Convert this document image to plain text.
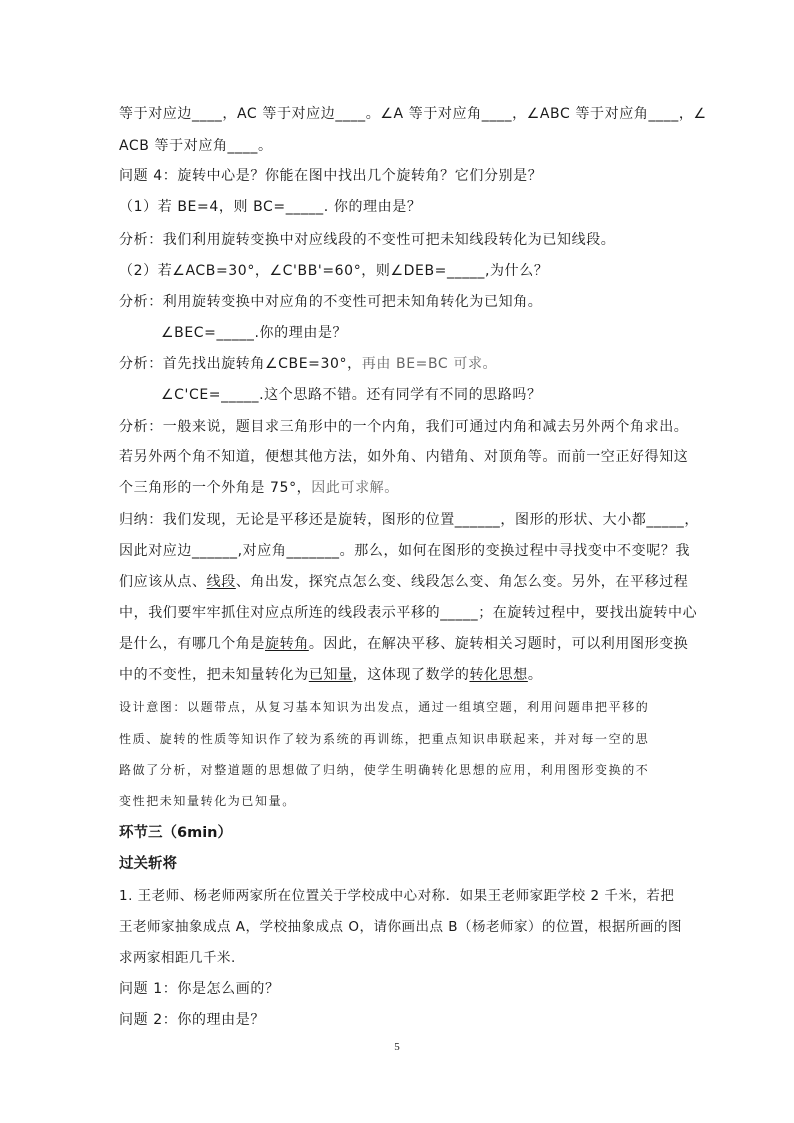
等于对应边____，AC 等于对应边____。∠A 等于对应角____，∠ABC 等于对应角____，∠
ACB 等于对应角____。
问题 4：旋转中心是？你能在图中找出几个旋转角？它们分别是？
（1）若 BE=4，则 BC=_____. 你的理由是？
分析：我们利用旋转变换中对应线段的不变性可把未知线段转化为已知线段。
（2）若∠ACB=30°，∠C'BB'=60°，则∠DEB=_____,为什么？
分析：利用旋转变换中对应角的不变性可把未知角转化为已知角。
∠BEC=_____.你的理由是？
分析：首先找出旋转角∠CBE=30°，再由 BE=BC 可求。
∠C'CE=_____.这个思路不错。还有同学有不同的思路吗？
分析：一般来说，题目求三角形中的一个内角，我们可通过内角和减去另外两个角求出。
若另外两个角不知道，便想其他方法，如外角、内错角、对顶角等。而前一空正好得知这
个三角形的一个外角是 75°，因此可求解。
归纳：我们发现，无论是平移还是旋转，图形的位置______，图形的形状、大小都_____，
因此对应边______,对应角_______。那么，如何在图形的变换过程中寻找变中不变呢？我
们应该从点、线段、角出发，探究点怎么变、线段怎么变、角怎么变。另外，在平移过程
中，我们要牢牢抓住对应点所连的线段表示平移的_____；在旋转过程中，要找出旋转中心
是什么，有哪几个角是旋转角。因此，在解决平移、旋转相关习题时，可以利用图形变换
中的不变性，把未知量转化为已知量，这体现了数学的转化思想。
设计意图：以题带点，从复习基本知识为出发点，通过一组填空题，利用问题串把平移的
性质、旋转的性质等知识作了较为系统的再训练，把重点知识串联起来，并对每一空的思
路做了分析，对整道题的思想做了归纳，使学生明确转化思想的应用，利用图形变换的不
变性把未知量转化为已知量。
环节三（6min）
过关斩将
1. 王老师、杨老师两家所在位置关于学校成中心对称．如果王老师家距学校 2 千米，若把
王老师家抽象成点 A，学校抽象成点 O，请你画出点 B（杨老师家）的位置，根据所画的图
求两家相距几千米.
问题 1：你是怎么画的？
问题 2：你的理由是？
5
